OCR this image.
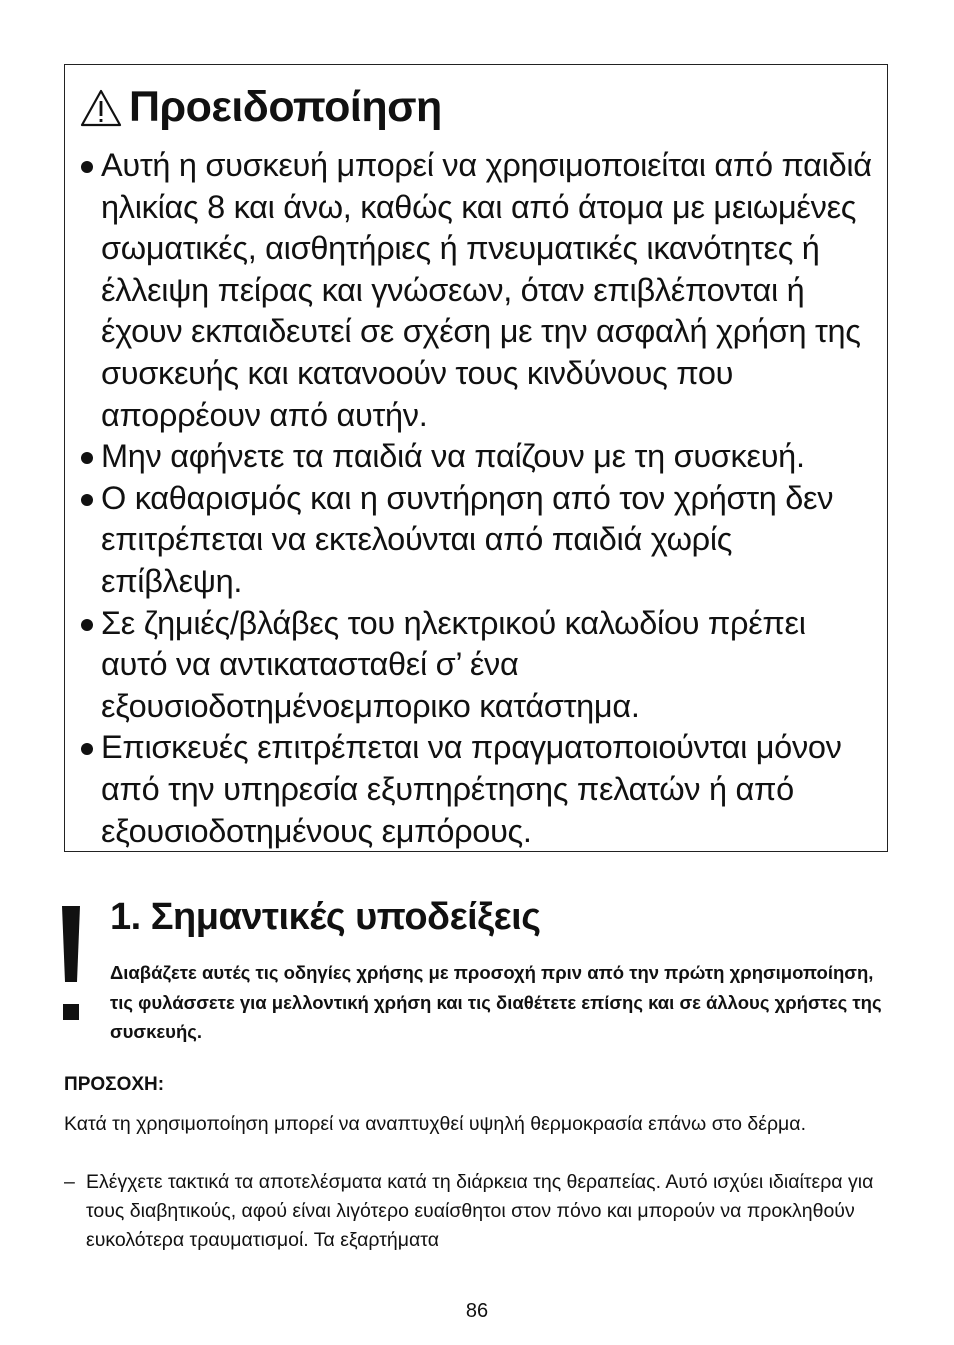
Προειδοποίηση
Αυτή η συσκευή μπορεί να χρησιμοποιείται από παιδιά ηλικίας 8 και άνω, καθώς και από άτομα με μειωμένες σωματικές, αισθητήριες ή πνευματικές ικανότητες ή έλλειψη πείρας και γνώσεων, όταν επιβλέπονται ή έχουν εκπαιδευτεί σε σχέση με την ασφαλή χρήση της συσκευής και κατανοούν τους κινδύνους που απορρέουν από αυτήν.
Μην αφήνετε τα παιδιά να παίζουν με τη συσκευή.
Ο καθαρισμός και η συντήρηση από τον χρήστη δεν επιτρέπεται να εκτελούνται από παιδιά χωρίς επίβλεψη.
Σε ζημιές/βλάβες του ηλεκτρικού καλωδίου πρέπει αυτό να αντικατασταθεί σ’ ένα εξουσιοδοτημένοεμπορικο κατάστημα.
Επισκευές επιτρέπεται να πραγματοποιούνται μόνον από την υπηρεσία εξυπηρέτησης πελατών ή από εξουσιοδοτημένους εμπόρους.
1. Σημαντικές υποδείξεις

Διαβάζετε αυτές τις οδηγίες χρήσης με προσοχή πριν από την πρώτη χρησιμοποίηση, τις φυλάσσετε για μελλοντική χρήση και τις διαθέτετε επίσης και σε άλλους χρήστες της συσκευής.

ΠΡΟΣΟΧΗ:

Κατά τη χρησιμοποίηση μπορεί να αναπτυχθεί υψηλή θερμοκρασία επάνω στο δέρμα.

– Ελέγχετε τακτικά τα αποτελέσματα κατά τη διάρκεια της θεραπείας. Αυτό ισχύει ιδιαίτερα για τους διαβητικούς, αφού είναι λιγότερο ευαίσθητοι στον πόνο και μπορούν να προκληθούν ευκολότερα τραυματισμοί. Τα εξαρτήματα
86
